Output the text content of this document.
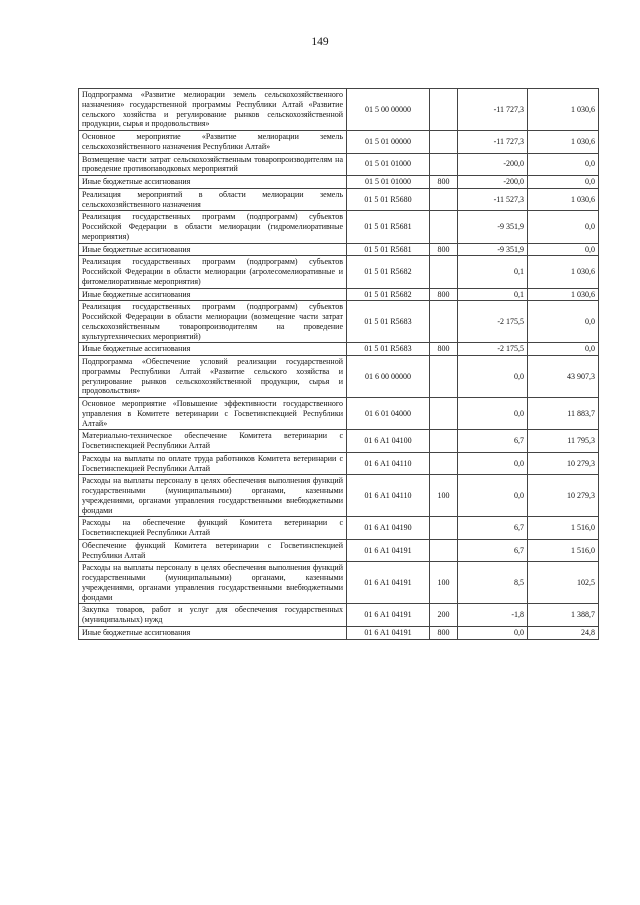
149
Подпрограмма «Развитие мелиорации земель сельскохозяйственного назначения» государственной программы Республики Алтай «Развитие сельского хозяйства и регулирование рынков сельскохозяйственной продукции, сырья и продовольствия»	01 5 00 00000		-11 727,3	1 030,6
Основное мероприятие «Развитие мелиорации земель сельскохозяйственного назначения Республики Алтай»	01 5 01 00000		-11 727,3	1 030,6
Возмещение части затрат сельскохозяйственным товаропроизводителям на проведение противопаводковых мероприятий	01 5 01 01000		-200,0	0,0
Иные бюджетные ассигнования	01 5 01 01000	800	-200,0	0,0
Реализация мероприятий в области мелиорации земель сельскохозяйственного назначения	01 5 01 R5680		-11 527,3	1 030,6
Реализация государственных программ (подпрограмм) субъектов Российской Федерации в области мелиорации (гидромелиоративные мероприятия)	01 5 01 R5681		-9 351,9	0,0
Иные бюджетные ассигнования	01 5 01 R5681	800	-9 351,9	0,0
Реализация государственных программ (подпрограмм) субъектов Российской Федерации в области мелиорации (агролесомелиоративные и фитомелиоративные мероприятия)	01 5 01 R5682		0,1	1 030,6
Иные бюджетные ассигнования	01 5 01 R5682	800	0,1	1 030,6
Реализация государственных программ (подпрограмм) субъектов Российской Федерации в области мелиорации (возмещение части затрат сельскохозяйственным товаропроизводителям на проведение культуртехнических мероприятий)	01 5 01 R5683		-2 175,5	0,0
Иные бюджетные ассигнования	01 5 01 R5683	800	-2 175,5	0,0
Подпрограмма «Обеспечение условий реализации государственной программы Республики Алтай «Развитие сельского хозяйства и регулирование рынков сельскохозяйственной продукции, сырья и продовольствия»	01 6 00 00000		0,0	43 907,3
Основное мероприятие «Повышение эффективности государственного управления в Комитете ветеринарии с Госветинспекцией Республики Алтай»	01 6 01 04000		0,0	11 883,7
Материально-техническое обеспечение Комитета ветеринарии с Госветинспекцией Республики Алтай	01 6 A1 04100		6,7	11 795,3
Расходы на выплаты по оплате труда работников Комитета ветеринарии с Госветинспекцией Республики Алтай	01 6 A1 04110		0,0	10 279,3
Расходы на выплаты персоналу в целях обеспечения выполнения функций государственными (муниципальными) органами, казенными учреждениями, органами управления государственными внебюджетными фондами	01 6 A1 04110	100	0,0	10 279,3
Расходы на обеспечение функций Комитета ветеринарии с Госветинспекцией Республики Алтай	01 6 A1 04190		6,7	1 516,0
Обеспечение функций Комитета ветеринарии с Госветинспекцией Республики Алтай	01 6 A1 04191		6,7	1 516,0
Расходы на выплаты персоналу в целях обеспечения выполнения функций государственными (муниципальными) органами, казенными учреждениями, органами управления государственными внебюджетными фондами	01 6 A1 04191	100	8,5	102,5
Закупка товаров, работ и услуг для обеспечения государственных (муниципальных) нужд	01 6 A1 04191	200	-1,8	1 388,7
Иные бюджетные ассигнования	01 6 A1 04191	800	0,0	24,8
